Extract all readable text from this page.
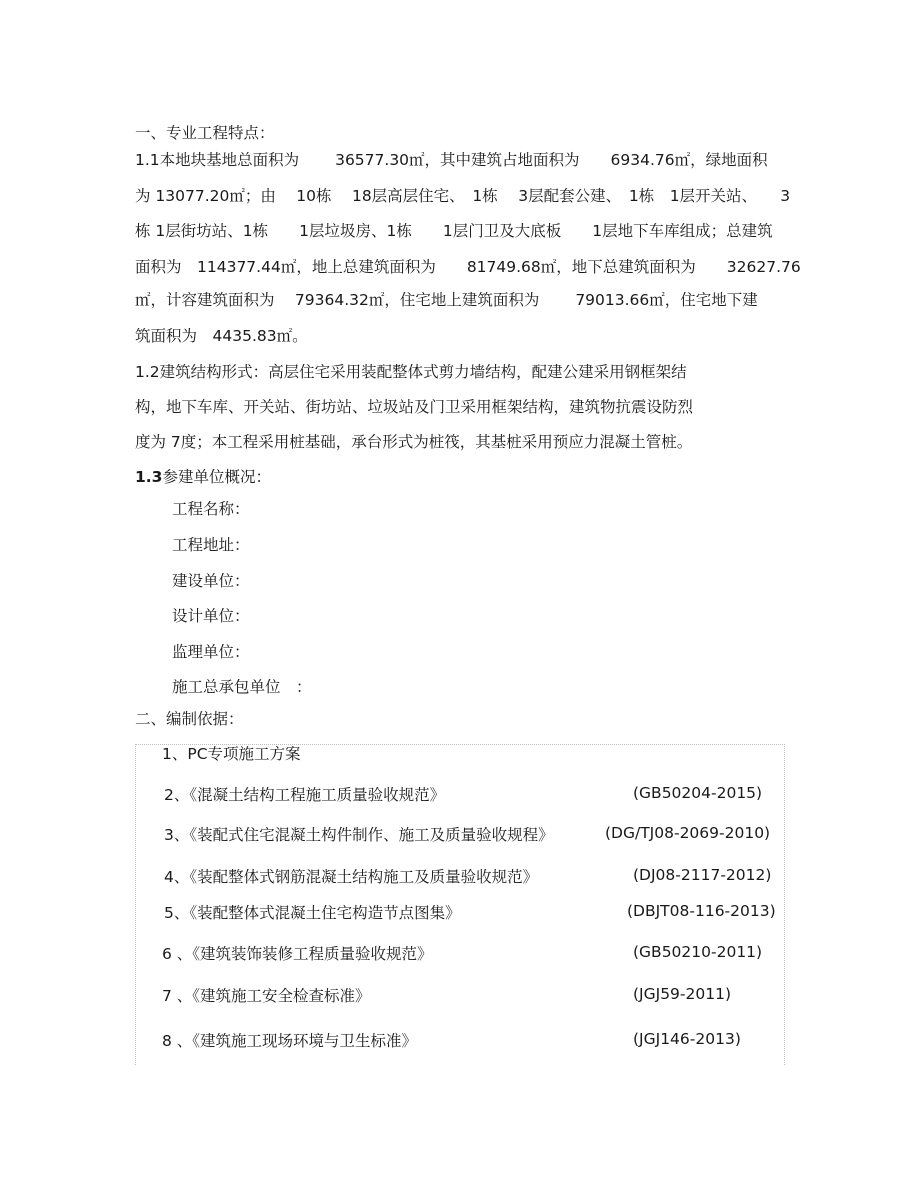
一、专业工程特点：
1.1本地块基地总面积为　　 36577.30㎡，其中建筑占地面积为　　6934.76㎡，绿地面积
为 13077.20㎡；由　 10栋　 18层高层住宅、　1栋　 3层配套公建、　1栋　1层开关站、　　3
栋 1层街坊站、1栋　　1层垃圾房、1栋　　1层门卫及大底板　　1层地下车库组成；总建筑
面积为　114377.44㎡，地上总建筑面积为　　81749.68㎡，地下总建筑面积为　　32627.76
㎡，计容建筑面积为　 79364.32㎡，住宅地上建筑面积为　　 79013.66㎡，住宅地下建
筑面积为　4435.83㎡。
1.2建筑结构形式：高层住宅采用装配整体式剪力墙结构，配建公建采用钢框架结
构，地下车库、开关站、街坊站、垃圾站及门卫采用框架结构，建筑物抗震设防烈
度为 7度；本工程采用桩基础，承台形式为桩筏，其基桩采用预应力混凝土管桩。
1.3参建单位概况：
工程名称：
工程地址：
建设单位：
设计单位：
监理单位：
施工总承包单位　：
二、编制依据：
1、PC专项施工方案
2、《混凝土结构工程施工质量验收规范》	(GB50204-2015)
3、《装配式住宅混凝土构件制作、施工及质量验收规程》	(DG/TJ08-2069-2010)
4、《装配整体式钢筋混凝土结构施工及质量验收规范》	(DJ08-2117-2012)
5、《装配整体式混凝土住宅构造节点图集》	(DBJT08-116-2013)
6 、《建筑装饰装修工程质量验收规范》	(GB50210-2011)
7 、《建筑施工安全检查标准》	(JGJ59-2011)
8 、《建筑施工现场环境与卫生标准》	(JGJ146-2013)
